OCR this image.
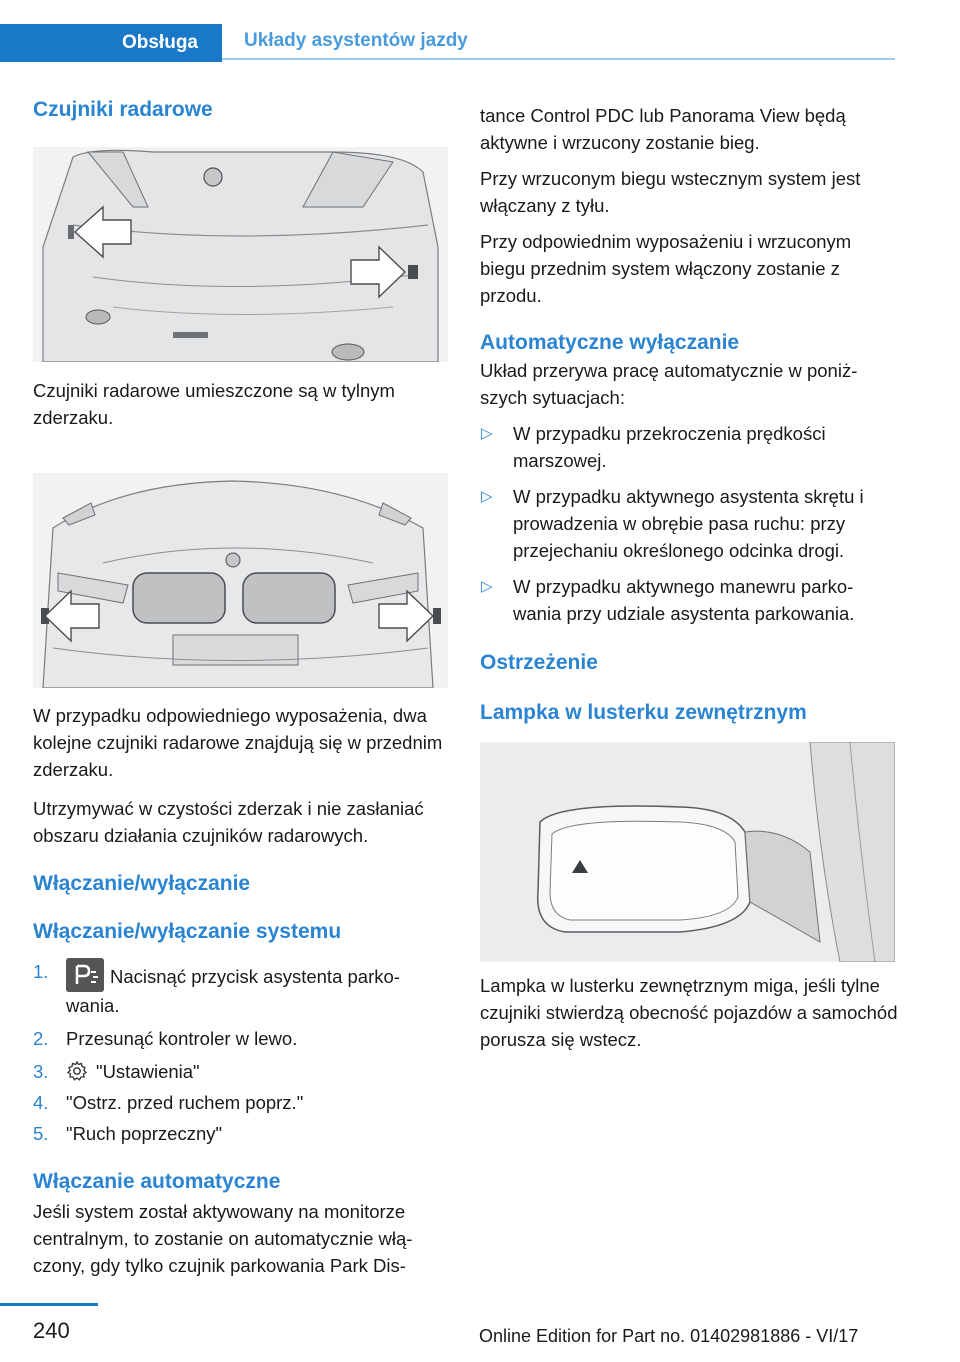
Obsługa	Układy asystentów jazdy
Czujniki radarowe

Czujniki radarowe umieszczone są w tylnym zderzaku.

W przypadku odpowiedniego wyposażenia, dwa kolejne czujniki radarowe znajdują się w przednim zderzaku.

Utrzymywać w czystości zderzak i nie zasłaniać obszaru działania czujników radarowych.

Włączanie/wyłączanie
Włączanie/wyłączanie systemu
1.	Nacisnąć przycisk asystenta parko‐wania.
2. Przesunąć kontroler w lewo.
3.	"Ustawienia"
4. "Ostrz. przed ruchem poprz."
5. "Ruch poprzeczny"
Włączanie automatyczne

Jeśli system został aktywowany na monitorze centralnym, to zostanie on automatycznie włą‐czony, gdy tylko czujnik parkowania Park Dis‐

tance Control PDC lub Panorama View będą aktywne i wrzucony zostanie bieg.

Przy wrzuconym biegu wstecznym system jest włączany z tyłu.

Przy odpowiednim wyposażeniu i wrzuconym biegu przednim system włączony zostanie z przodu.

Automatyczne wyłączanie

Układ przerywa pracę automatycznie w poniż‐szych sytuacjach:

▷ W przypadku przekroczenia prędkości marszowej.
▷ W przypadku aktywnego asystenta skrętu i prowadzenia w obrębie pasa ruchu: przy przejechaniu określonego odcinka drogi.
▷ W przypadku aktywnego manewru parko‐wania przy udziale asystenta parkowania.
Ostrzeżenie
Lampka w lusterku zewnętrznym

Lampka w lusterku zewnętrznym miga, jeśli tylne czujniki stwierdzą obecność pojazdów a samochód porusza się wstecz.

240	Online Edition for Part no. 01402981886 - VI/17
